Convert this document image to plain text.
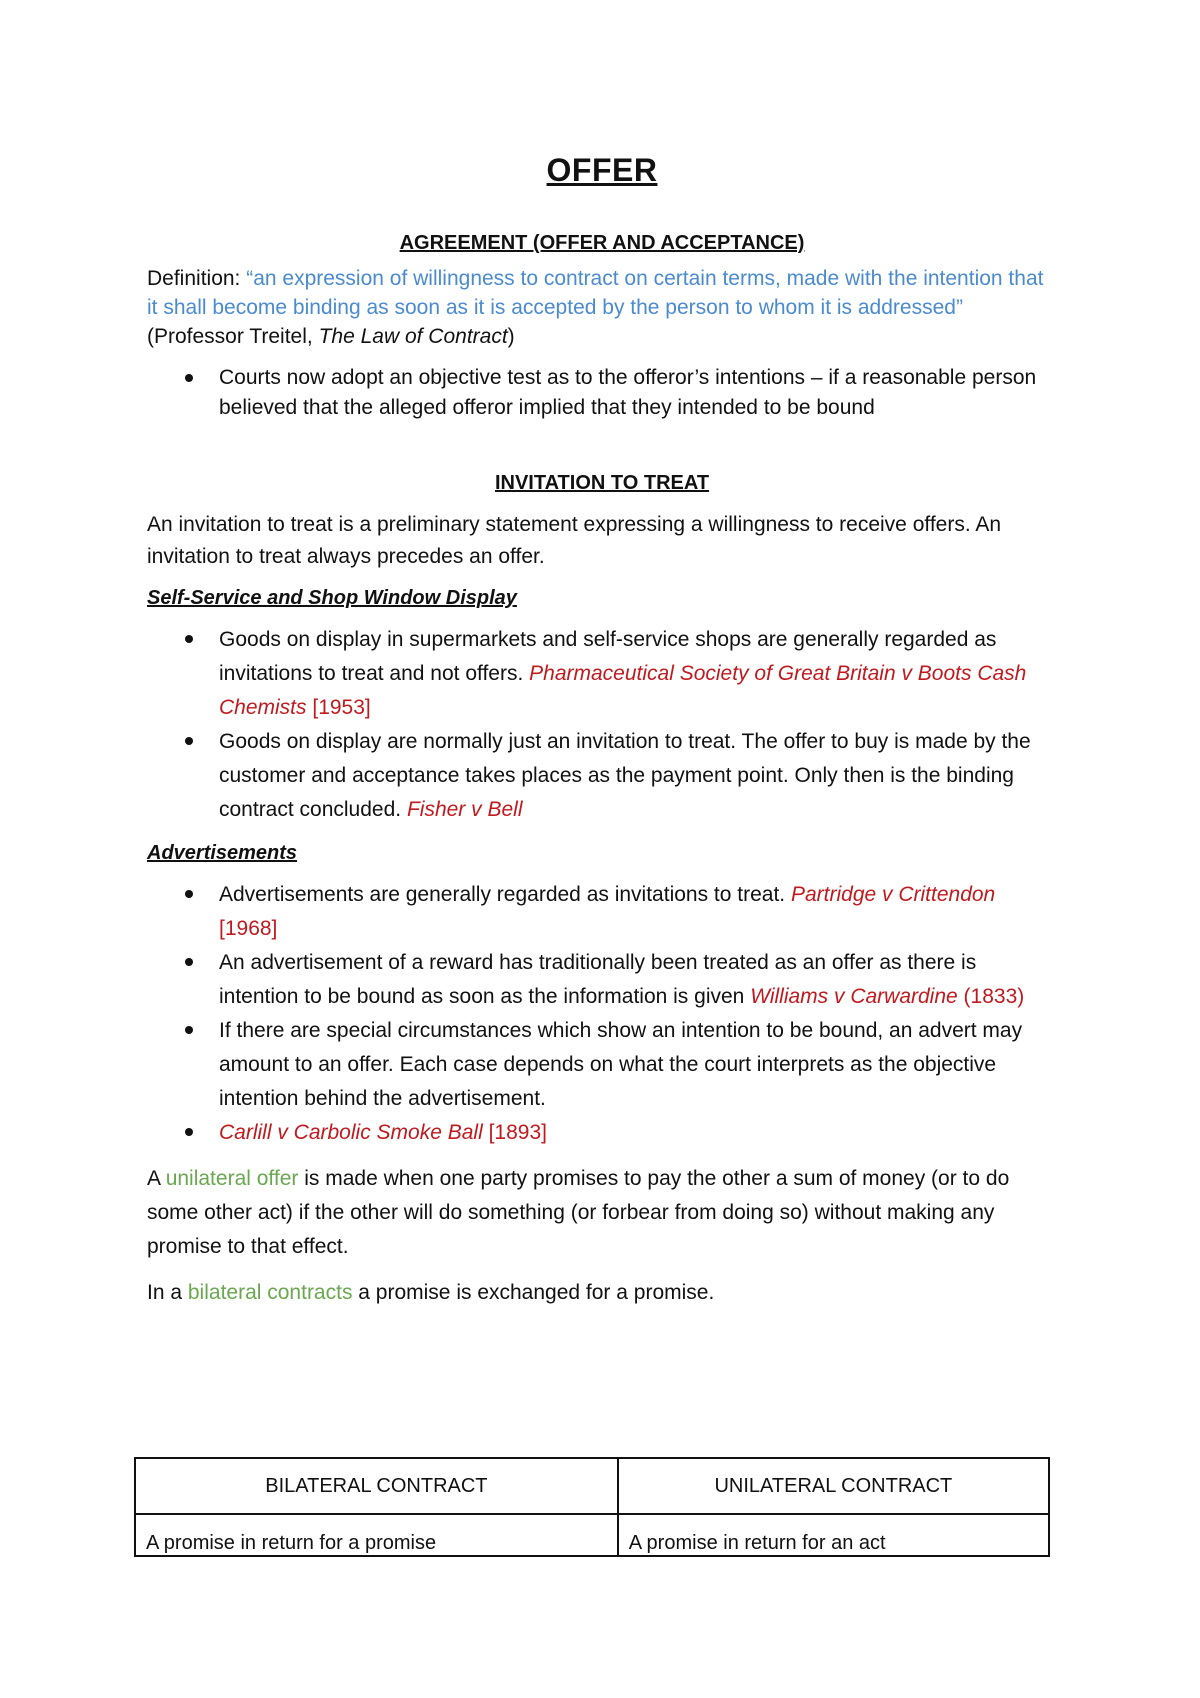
OFFER
AGREEMENT (OFFER AND ACCEPTANCE)

Definition: “an expression of willingness to contract on certain terms, made with the intention that it shall become binding as soon as it is accepted by the person to whom it is addressed” (Professor Treitel, The Law of Contract)

Courts now adopt an objective test as to the offeror’s intentions – if a reasonable person believed that the alleged offeror implied that they intended to be bound
INVITATION TO TREAT

An invitation to treat is a preliminary statement expressing a willingness to receive offers. An invitation to treat always precedes an offer.

Self-Service and Shop Window Display

Goods on display in supermarkets and self-service shops are generally regarded as invitations to treat and not offers. Pharmaceutical Society of Great Britain v Boots Cash Chemists [1953]
Goods on display are normally just an invitation to treat. The offer to buy is made by the customer and acceptance takes places as the payment point. Only then is the binding contract concluded. Fisher v Bell

Advertisements

Advertisements are generally regarded as invitations to treat. Partridge v Crittendon [1968]
An advertisement of a reward has traditionally been treated as an offer as there is intention to be bound as soon as the information is given Williams v Carwardine (1833)
If there are special circumstances which show an intention to be bound, an advert may amount to an offer. Each case depends on what the court interprets as the objective intention behind the advertisement.
Carlill v Carbolic Smoke Ball [1893]

A unilateral offer is made when one party promises to pay the other a sum of money (or to do some other act) if the other will do something (or forbear from doing so) without making any promise to that effect.

In a bilateral contracts a promise is exchanged for a promise.

BILATERAL CONTRACT	UNILATERAL CONTRACT
A promise in return for a promise	A promise in return for an act
